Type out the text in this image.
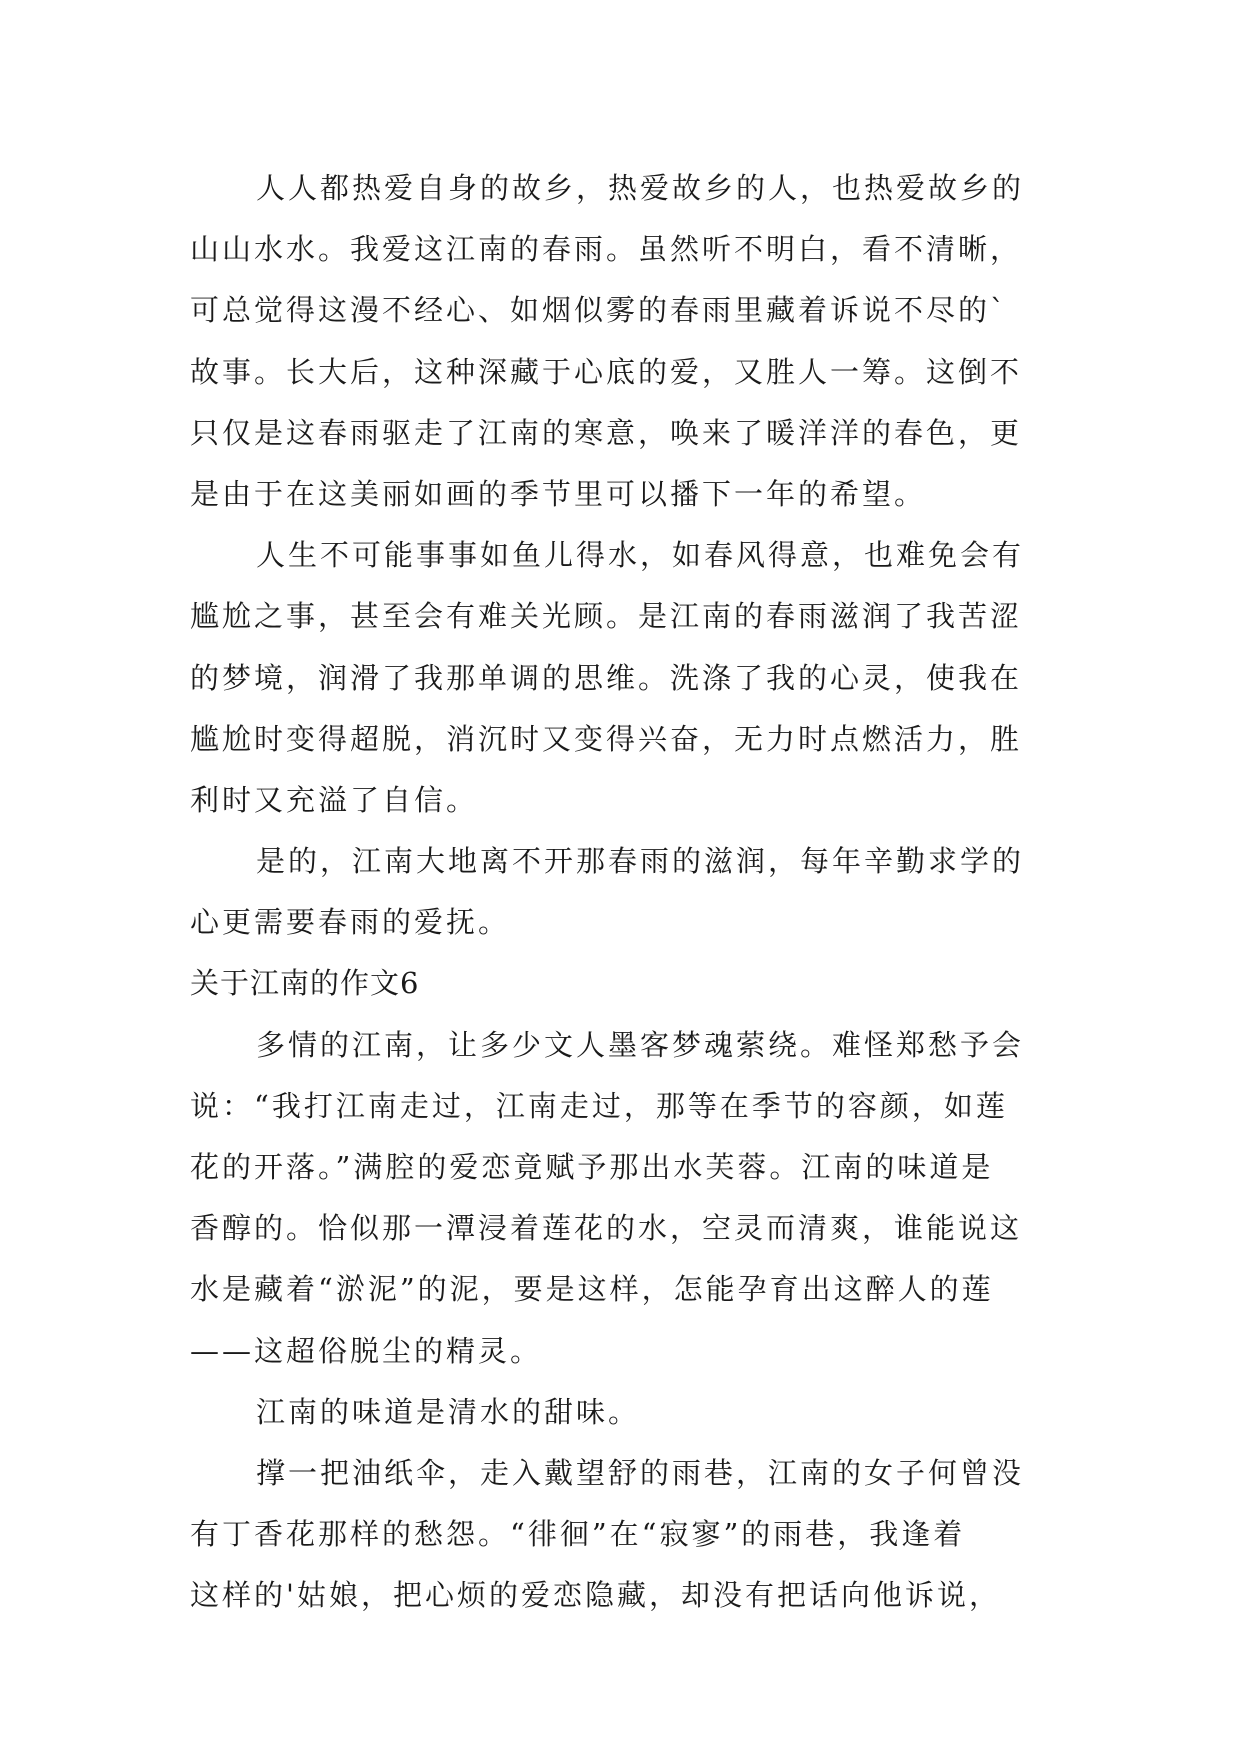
人人都热爱自身的故乡，热爱故乡的人，也热爱故乡的
山山水水。我爱这江南的春雨。虽然听不明白，看不清晰，
可总觉得这漫不经心、如烟似雾的春雨里藏着诉说不尽的`
故事。长大后，这种深藏于心底的爱，又胜人一筹。这倒不
只仅是这春雨驱走了江南的寒意，唤来了暖洋洋的春色，更
是由于在这美丽如画的季节里可以播下一年的希望。
人生不可能事事如鱼儿得水，如春风得意，也难免会有
尴尬之事，甚至会有难关光顾。是江南的春雨滋润了我苦涩
的梦境，润滑了我那单调的思维。洗涤了我的心灵，使我在
尴尬时变得超脱，消沉时又变得兴奋，无力时点燃活力，胜
利时又充溢了自信。
是的，江南大地离不开那春雨的滋润，每年辛勤求学的
心更需要春雨的爱抚。
关于江南的作文6
多情的江南，让多少文人墨客梦魂萦绕。难怪郑愁予会
说：“我打江南走过，江南走过，那等在季节的容颜，如莲
花的开落。”满腔的爱恋竟赋予那出水芙蓉。江南的味道是
香醇的。恰似那一潭浸着莲花的水，空灵而清爽，谁能说这
水是藏着“淤泥”的泥，要是这样，怎能孕育出这醉人的莲
——这超俗脱尘的精灵。
江南的味道是清水的甜味。
撑一把油纸伞，走入戴望舒的雨巷，江南的女子何曾没
有丁香花那样的愁怨。“徘徊”在“寂寥”的雨巷，我逢着
这样的'姑娘，把心烦的爱恋隐藏，却没有把话向他诉说，
